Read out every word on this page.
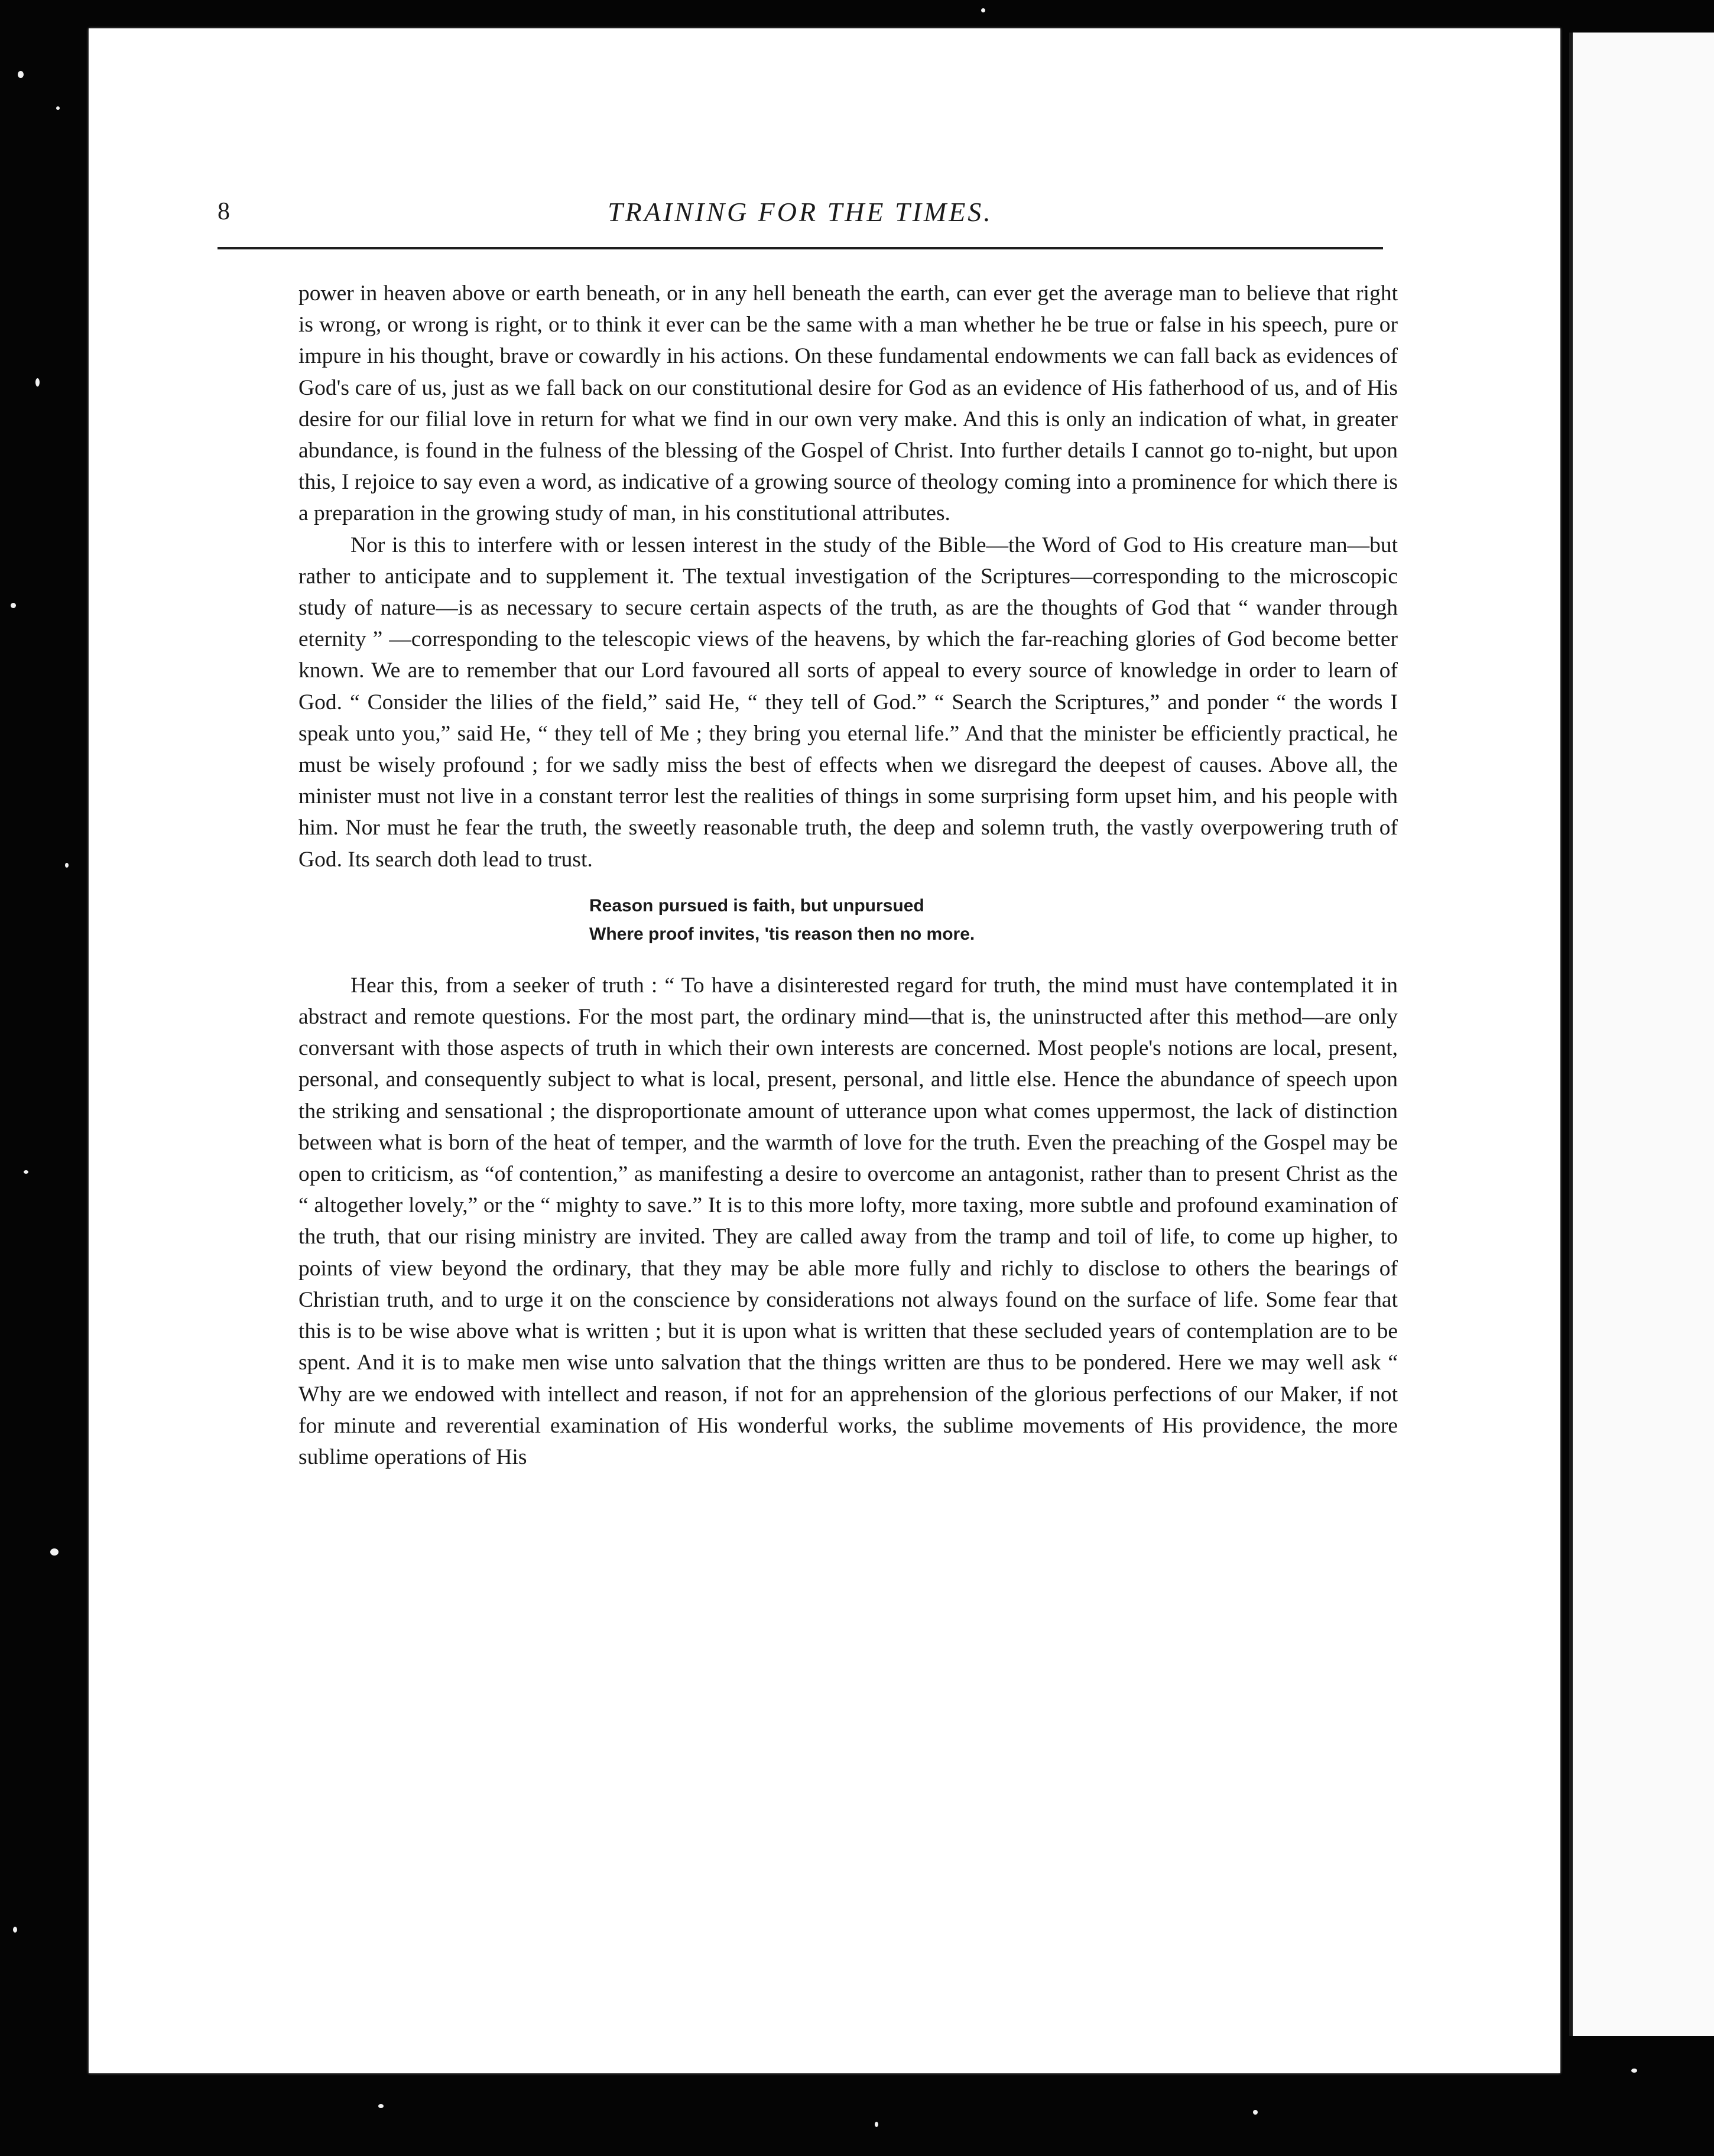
8	TRAINING FOR THE TIMES.

power in heaven above or earth beneath, or in any hell beneath the earth, can ever get the average man to believe that right is wrong, or wrong is right, or to think it ever can be the same with a man whether he be true or false in his speech, pure or impure in his thought, brave or cowardly in his actions. On these fundamental endowments we can fall back as evidences of God's care of us, just as we fall back on our constitutional desire for God as an evidence of His fatherhood of us, and of His desire for our filial love in return for what we find in our own very make. And this is only an indication of what, in greater abundance, is found in the fulness of the blessing of the Gospel of Christ. Into further details I cannot go to-night, but upon this, I rejoice to say even a word, as indicative of a growing source of theology coming into a prominence for which there is a preparation in the growing study of man, in his constitutional attributes.

Nor is this to interfere with or lessen interest in the study of the Bible—the Word of God to His creature man—but rather to anticipate and to supplement it. The textual investigation of the Scriptures—corresponding to the microscopic study of nature—is as necessary to secure certain aspects of the truth, as are the thoughts of God that “ wander through eternity ” —corresponding to the telescopic views of the heavens, by which the far-reaching glories of God become better known. We are to remember that our Lord favoured all sorts of appeal to every source of knowledge in order to learn of God. “ Consider the lilies of the field,” said He, “ they tell of God.” “ Search the Scriptures,” and ponder “ the words I speak unto you,” said He, “ they tell of Me ; they bring you eternal life.” And that the minister be efficiently practical, he must be wisely profound ; for we sadly miss the best of effects when we disregard the deepest of causes. Above all, the minister must not live in a constant terror lest the realities of things in some surprising form upset him, and his people with him. Nor must he fear the truth, the sweetly reasonable truth, the deep and solemn truth, the vastly overpowering truth of God. Its search doth lead to trust.

Reason pursued is faith, but unpursued
Where proof invites, 'tis reason then no more.

Hear this, from a seeker of truth : “ To have a disinterested regard for truth, the mind must have contemplated it in abstract and remote questions. For the most part, the ordinary mind—that is, the uninstructed after this method—are only conversant with those aspects of truth in which their own interests are concerned. Most people's notions are local, present, personal, and consequently subject to what is local, present, personal, and little else. Hence the abundance of speech upon the striking and sensational ; the disproportionate amount of utterance upon what comes uppermost, the lack of distinction between what is born of the heat of temper, and the warmth of love for the truth. Even the preaching of the Gospel may be open to criticism, as “of contention,” as manifesting a desire to overcome an antagonist, rather than to present Christ as the “ altogether lovely,” or the “ mighty to save.” It is to this more lofty, more taxing, more subtle and profound examination of the truth, that our rising ministry are invited. They are called away from the tramp and toil of life, to come up higher, to points of view beyond the ordinary, that they may be able more fully and richly to disclose to others the bearings of Christian truth, and to urge it on the conscience by considerations not always found on the surface of life. Some fear that this is to be wise above what is written ; but it is upon what is written that these secluded years of contemplation are to be spent. And it is to make men wise unto salvation that the things written are thus to be pondered. Here we may well ask “ Why are we endowed with intellect and reason, if not for an apprehension of the glorious perfections of our Maker, if not for minute and reverential examination of His wonderful works, the sublime movements of His providence, the more sublime operations of His
